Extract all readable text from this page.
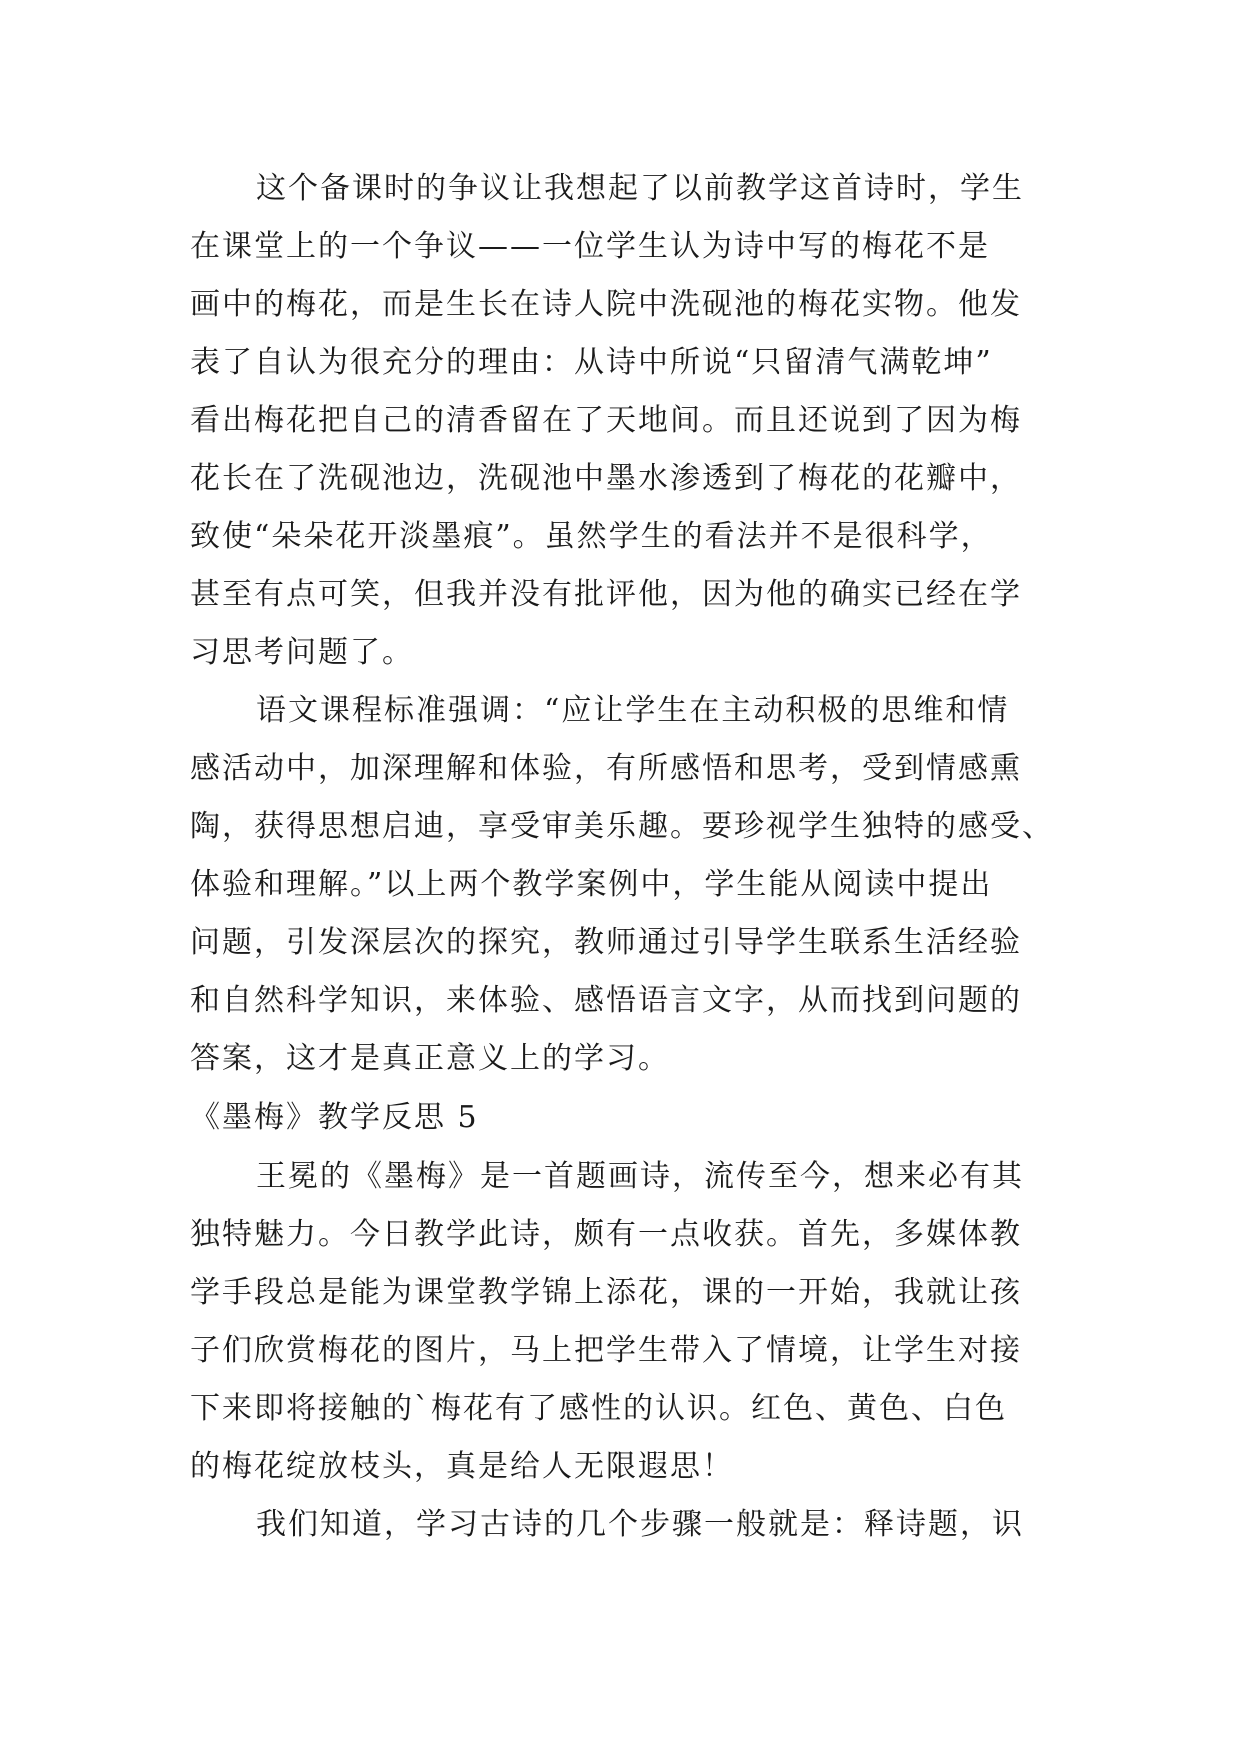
这个备课时的争议让我想起了以前教学这首诗时，学生
在课堂上的一个争议——一位学生认为诗中写的梅花不是
画中的梅花，而是生长在诗人院中洗砚池的梅花实物。他发
表了自认为很充分的理由：从诗中所说“只留清气满乾坤”
看出梅花把自己的清香留在了天地间。而且还说到了因为梅
花长在了洗砚池边，洗砚池中墨水渗透到了梅花的花瓣中，
致使“朵朵花开淡墨痕”。虽然学生的看法并不是很科学，
甚至有点可笑，但我并没有批评他，因为他的确实已经在学
习思考问题了。
语文课程标准强调：“应让学生在主动积极的思维和情
感活动中，加深理解和体验，有所感悟和思考，受到情感熏
陶，获得思想启迪，享受审美乐趣。要珍视学生独特的感受、
体验和理解。”以上两个教学案例中，学生能从阅读中提出
问题，引发深层次的探究，教师通过引导学生联系生活经验
和自然科学知识，来体验、感悟语言文字，从而找到问题的
答案，这才是真正意义上的学习。
《墨梅》教学反思 5
王冕的《墨梅》是一首题画诗，流传至今，想来必有其
独特魅力。今日教学此诗，颇有一点收获。首先，多媒体教
学手段总是能为课堂教学锦上添花，课的一开始，我就让孩
子们欣赏梅花的图片，马上把学生带入了情境，让学生对接
下来即将接触的`梅花有了感性的认识。红色、黄色、白色
的梅花绽放枝头，真是给人无限遐思！
我们知道，学习古诗的几个步骤一般就是：释诗题，识
